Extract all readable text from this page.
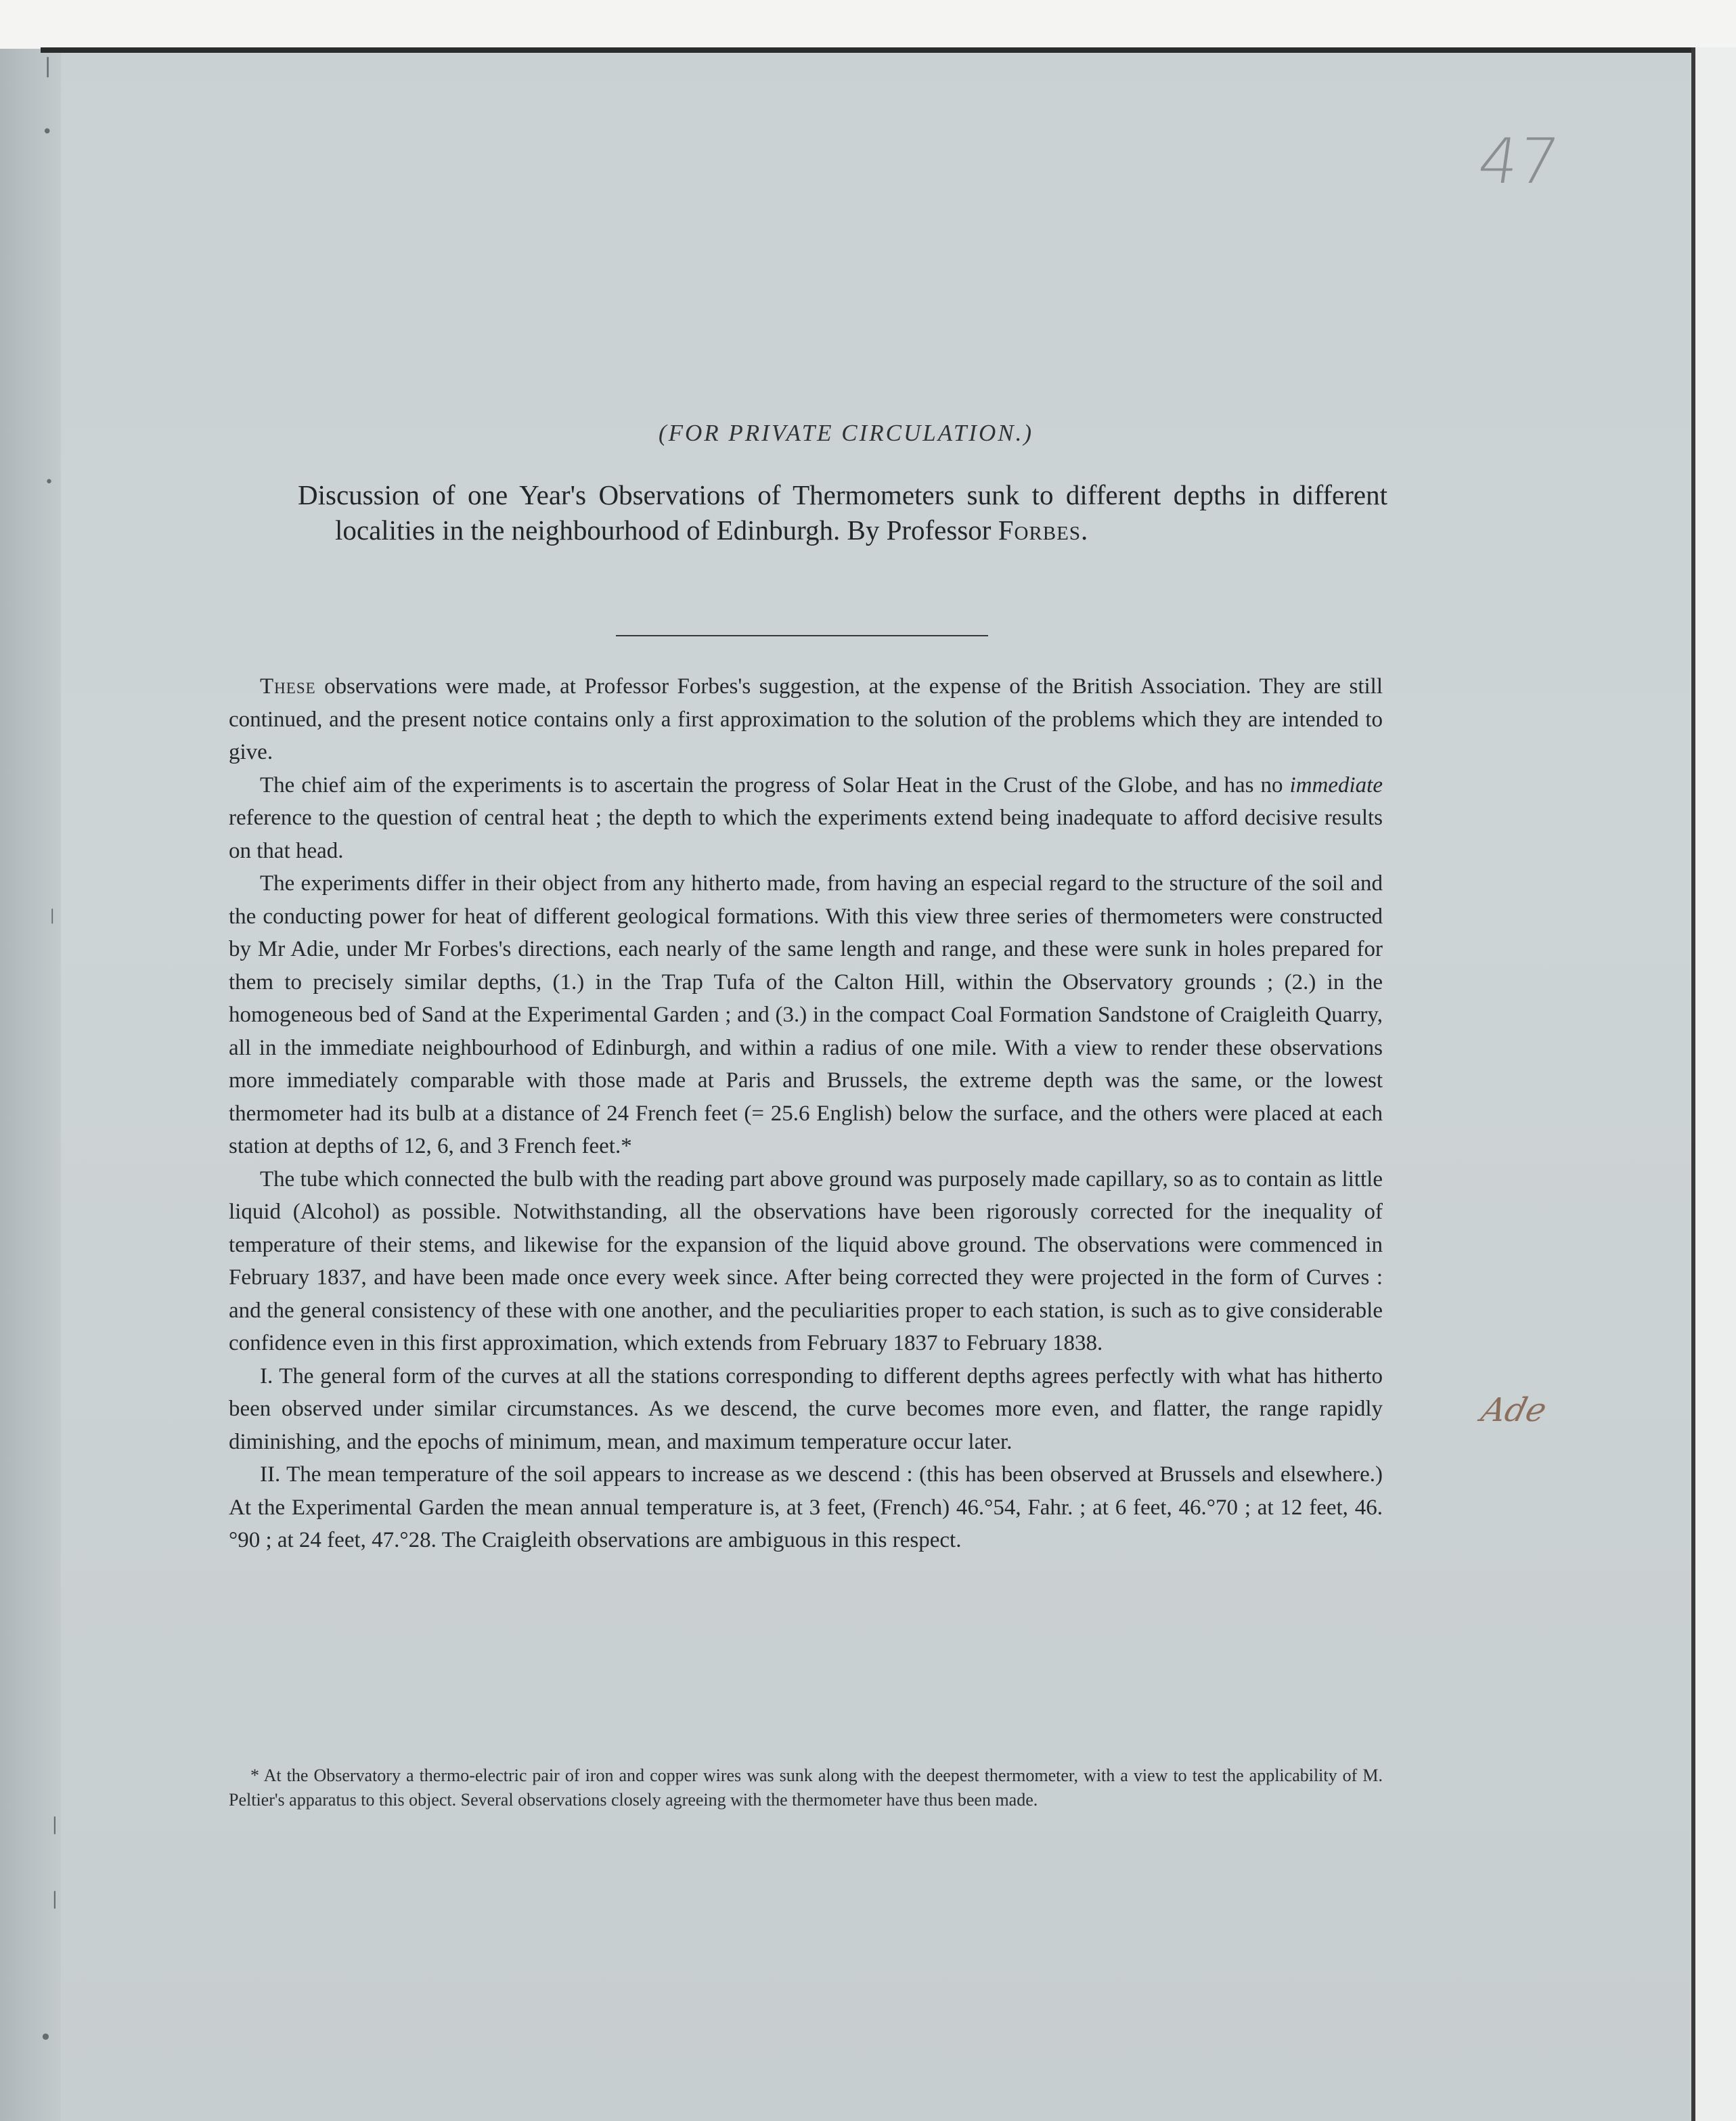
❘
•
•
❘
❘
❘
•
47
Ade
(FOR PRIVATE CIRCULATION.)
Discussion of one Year's Observations of Thermometers sunk to different depths in different localities in the neighbourhood of Edinburgh. By Professor Forbes.

These observations were made, at Professor Forbes's suggestion, at the expense of the British Association. They are still continued, and the present notice contains only a first approximation to the solution of the problems which they are intended to give.

The chief aim of the experiments is to ascertain the progress of Solar Heat in the Crust of the Globe, and has no immediate reference to the question of central heat ; the depth to which the experiments extend being inadequate to afford decisive results on that head.

The experiments differ in their object from any hitherto made, from having an especial regard to the structure of the soil and the conducting power for heat of different geological formations. With this view three series of thermometers were constructed by Mr Adie, under Mr Forbes's directions, each nearly of the same length and range, and these were sunk in holes prepared for them to precisely similar depths, (1.) in the Trap Tufa of the Calton Hill, within the Observatory grounds ; (2.) in the homogeneous bed of Sand at the Experimental Garden ; and (3.) in the compact Coal Formation Sandstone of Craigleith Quarry, all in the immediate neighbourhood of Edinburgh, and within a radius of one mile. With a view to render these observations more immediately comparable with those made at Paris and Brussels, the extreme depth was the same, or the lowest thermometer had its bulb at a distance of 24 French feet (= 25.6 English) below the surface, and the others were placed at each station at depths of 12, 6, and 3 French feet.*

The tube which connected the bulb with the reading part above ground was purposely made capillary, so as to contain as little liquid (Alcohol) as possible. Notwithstanding, all the observations have been rigorously corrected for the inequality of temperature of their stems, and likewise for the expansion of the liquid above ground. The observations were commenced in February 1837, and have been made once every week since. After being corrected they were projected in the form of Curves : and the general consistency of these with one another, and the peculiarities proper to each station, is such as to give considerable confidence even in this first approximation, which extends from February 1837 to February 1838.

I. The general form of the curves at all the stations corresponding to different depths agrees perfectly with what has hitherto been observed under similar circumstances. As we descend, the curve becomes more even, and flatter, the range rapidly diminishing, and the epochs of minimum, mean, and maximum temperature occur later.

II. The mean temperature of the soil appears to increase as we descend : (this has been observed at Brussels and elsewhere.) At the Experimental Garden the mean annual temperature is, at 3 feet, (French) 46.°54, Fahr. ; at 6 feet, 46.°70 ; at 12 feet, 46.°90 ; at 24 feet, 47.°28. The Craigleith observations are ambiguous in this respect.

* At the Observatory a thermo-electric pair of iron and copper wires was sunk along with the deepest thermometer, with a view to test the applicability of M. Peltier's apparatus to this object. Several observations closely agreeing with the thermometer have thus been made.
